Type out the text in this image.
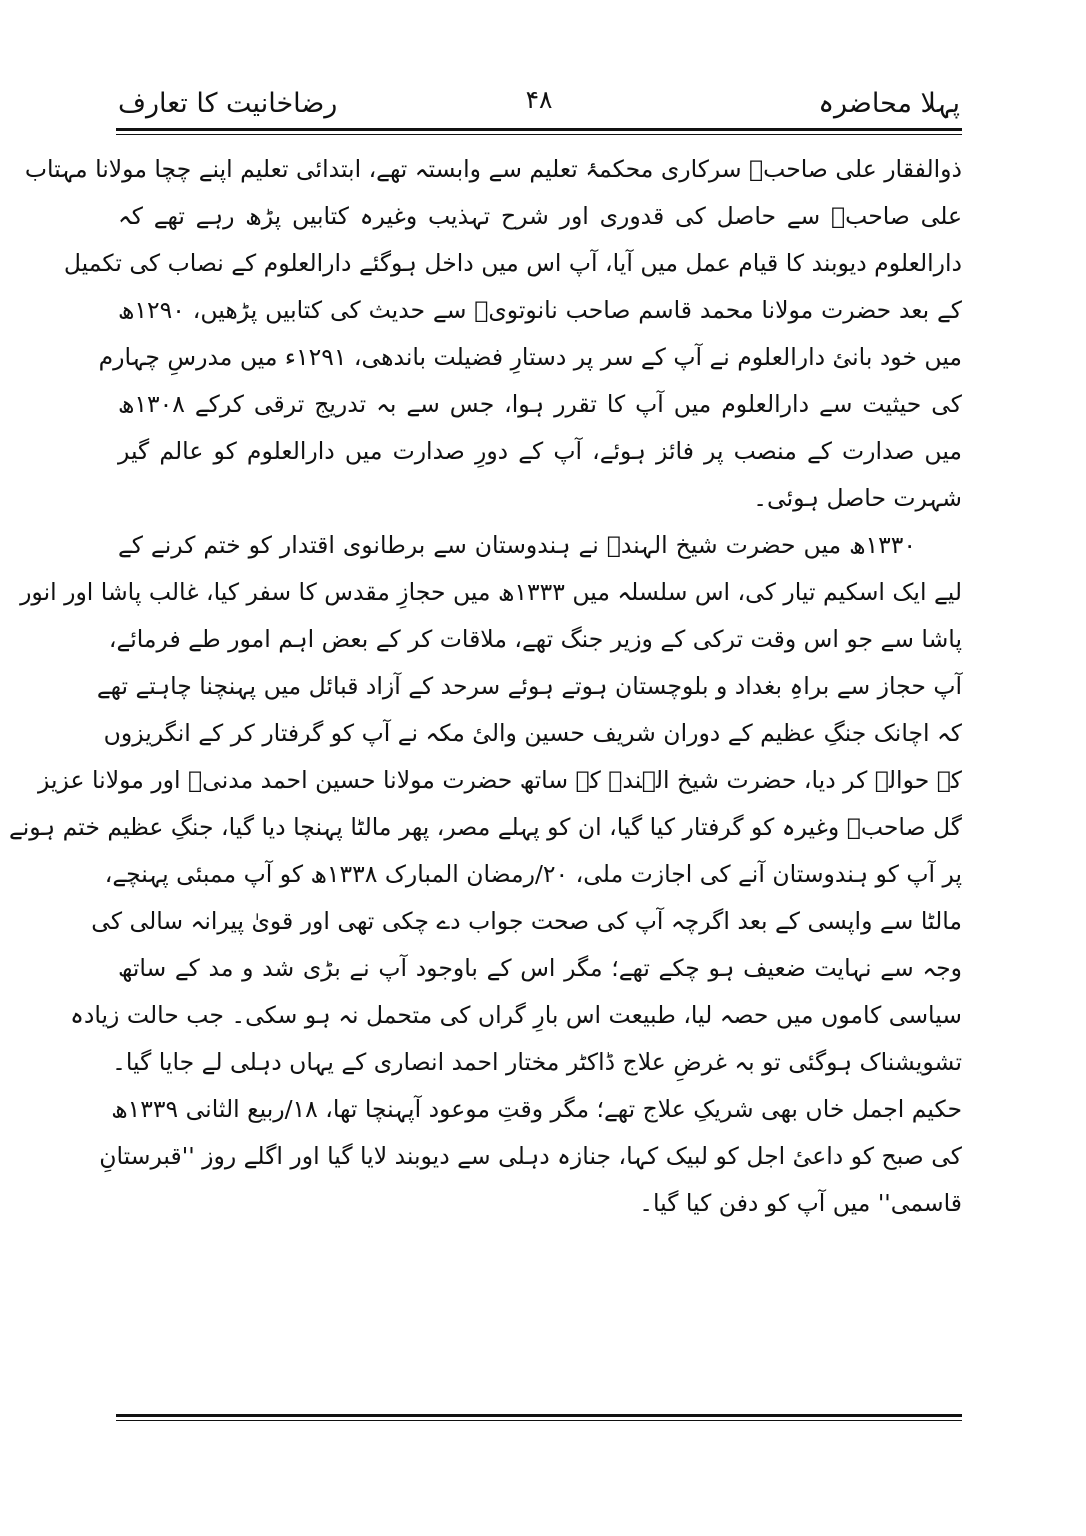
پہلا محاضرہ
۴۸
رضاخانیت کا تعارف
ذوالفقار علی صاحبؒ سرکاری محکمۂ تعلیم سے وابستہ تھے، ابتدائی تعلیم اپنے چچا مولانا مہتاب
علی صاحبؒ سے حاصل کی قدوری اور شرح تہذیب وغیرہ کتابیں پڑھ رہے تھے کہ
دارالعلوم دیوبند کا قیام عمل میں آیا، آپ اس میں داخل ہوگئے دارالعلوم کے نصاب کی تکمیل
کے بعد حضرت مولانا محمد قاسم صاحب نانوتویؒ سے حدیث کی کتابیں پڑھیں، ۱۲۹۰ھ
میں خود بانئ دارالعلوم نے آپ کے سر پر دستارِ فضیلت باندھی، ۱۲۹۱ء میں مدرسِ چہارم
کی حیثیت سے دارالعلوم میں آپ کا تقرر ہوا، جس سے بہ تدریج ترقی کرکے ۱۳۰۸ھ
میں صدارت کے منصب پر فائز ہوئے، آپ کے دورِ صدارت میں دارالعلوم کو عالم گیر
شہرت حاصل ہوئی۔
۱۳۳۰ھ میں حضرت شیخ الہندؒ نے ہندوستان سے برطانوی اقتدار کو ختم کرنے کے
لیے ایک اسکیم تیار کی، اس سلسلہ میں ۱۳۳۳ھ میں حجازِ مقدس کا سفر کیا، غالب پاشا اور انور
پاشا سے جو اس وقت ترکی کے وزیر جنگ تھے، ملاقات کر کے بعض اہم امور طے فرمائے،
آپ حجاز سے براہِ بغداد و بلوچستان ہوتے ہوئے سرحد کے آزاد قبائل میں پہنچنا چاہتے تھے
کہ اچانک جنگِ عظیم کے دوران شریف حسین والیٔ مکہ نے آپ کو گرفتار کر کے انگریزوں
کے حوالے کر دیا، حضرت شیخ الہندؒ کے ساتھ حضرت مولانا حسین احمد مدنیؒ اور مولانا عزیز
گل صاحبؒ وغیرہ کو گرفتار کیا گیا، ان کو پہلے مصر، پھر مالٹا پہنچا دیا گیا، جنگِ عظیم ختم ہونے
پر آپ کو ہندوستان آنے کی اجازت ملی، ۲۰/رمضان المبارک ۱۳۳۸ھ کو آپ ممبئی پہنچے،
مالٹا سے واپسی کے بعد اگرچہ آپ کی صحت جواب دے چکی تھی اور قویٰ پیرانہ سالی کی
وجہ سے نہایت ضعیف ہو چکے تھے؛ مگر اس کے باوجود آپ نے بڑی شد و مد کے ساتھ
سیاسی کاموں میں حصہ لیا، طبیعت اس بارِ گراں کی متحمل نہ ہو سکی۔ جب حالت زیادہ
تشویشناک ہوگئی تو بہ غرضِ علاج ڈاکٹر مختار احمد انصاری کے یہاں دہلی لے جایا گیا۔
حکیم اجمل خاں بھی شریکِ علاج تھے؛ مگر وقتِ موعود آپہنچا تھا، ۱۸/ربیع الثانی ۱۳۳۹ھ
کی صبح کو داعیٔ اجل کو لبیک کہا، جنازہ دہلی سے دیوبند لایا گیا اور اگلے روز ''قبرستانِ
قاسمی'' میں آپ کو دفن کیا گیا۔
